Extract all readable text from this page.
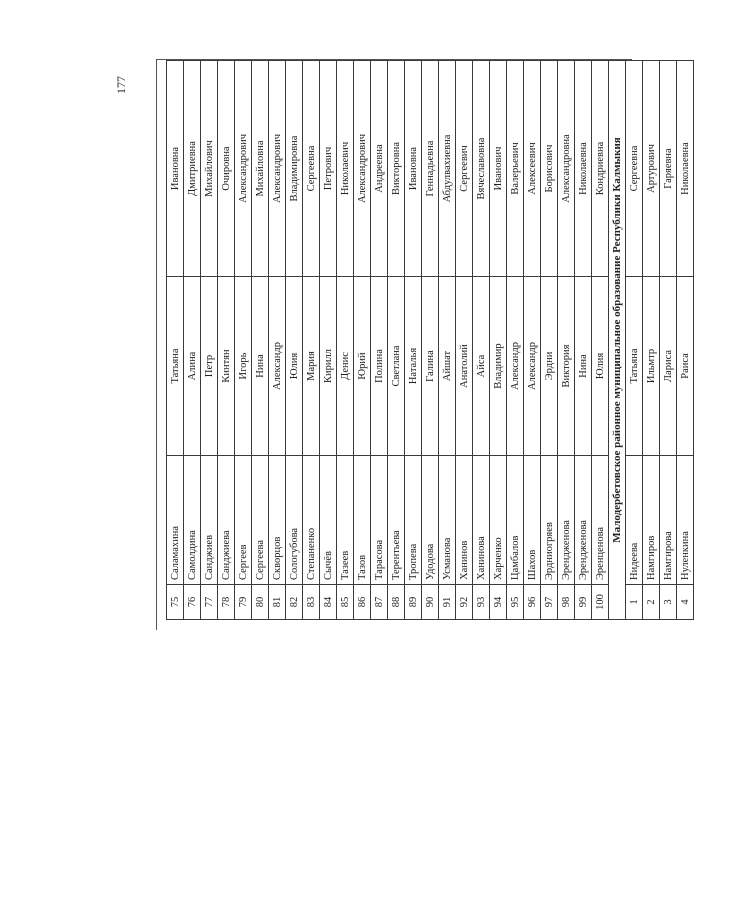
177
75	Саламахина	Татьяна	Ивановна
76	Самолдина	Алина	Дмитриевна
77	Санджиев	Петр	Михайлович
78	Санджиева	Кинтян	Очировна
79	Сергеев	Игорь	Александрович
80	Сергеева	Нина	Михайловна
81	Скворцов	Александр	Александрович
82	Сологубова	Юлия	Владимировна
83	Степаненко	Мария	Сергеевна
84	Сычёв	Кирилл	Петрович
85	Тазеев	Денис	Николаевич
86	Тазов	Юрий	Александрович
87	Тарасова	Полина	Андреевна
88	Терентьева	Светлана	Викторовна
89	Тропева	Наталья	Ивановна
90	Удодова	Галина	Геннадьевна
91	Усманова	Айшат	Абдулвахиевна
92	Ханинов	Анатолий	Сергеевич
93	Ханинова	Айса	Вячеславовна
94	Харченко	Владимир	Иванович
95	Цамбалов	Александр	Валерьевич
96	Шахов	Александр	Алексеевич
97	Эрдниогряев	Эрдни	Борисович
98	Эрендженова	Виктория	Александровна
99	Эрендженова	Нина	Николаевна
100	Эренценова	Юлия	Кондриевна
Малодербетовское районное муниципальное образование Республики Калмыкия			
1	Нидеева	Татьяна	Сергеевна
2	Намгиров	Ильмтр	Артурович
3	Намгирова	Лариса	Гаряевна
4	Нуленкина	Раиса	Николаевна
